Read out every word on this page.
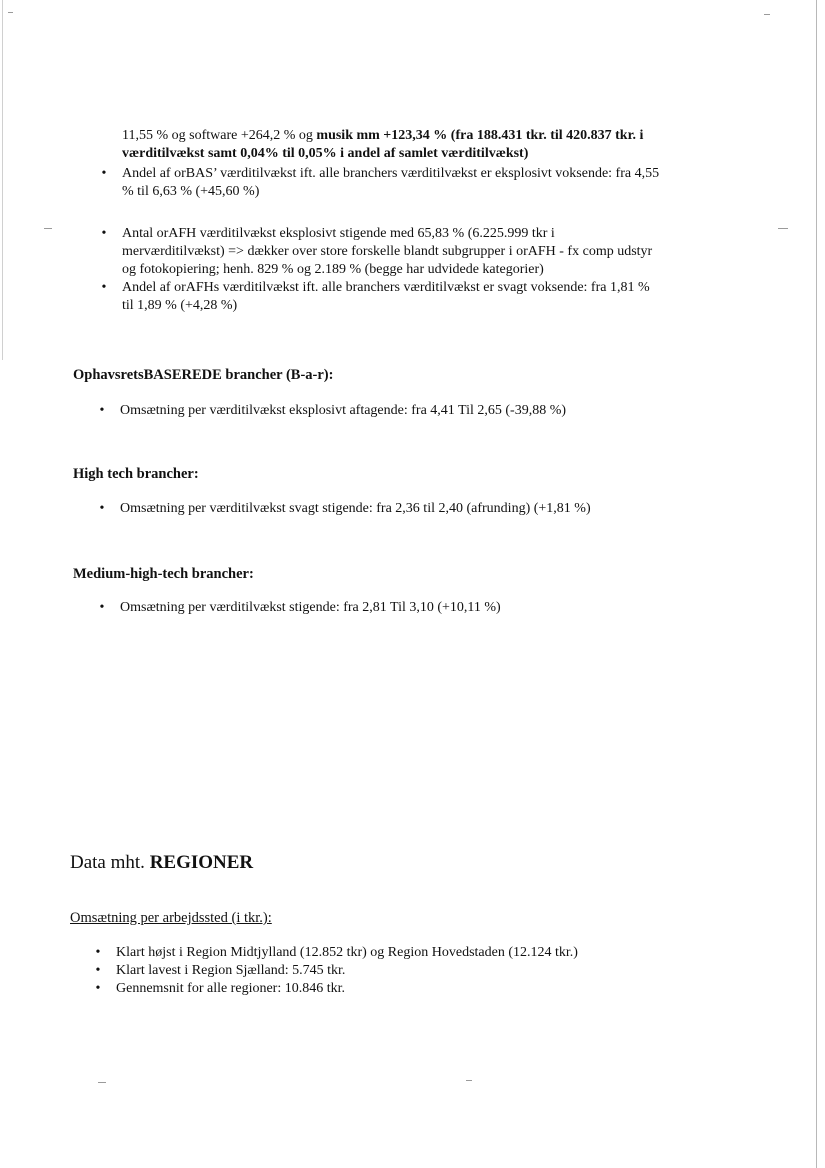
11,55 % og software +264,2 % og musik mm +123,34 % (fra 188.431 tkr. til 420.837 tkr. i
værditilvækst samt 0,04% til 0,05% i andel af samlet værditilvækst)
• Andel af orBAS’ værditilvækst ift. alle branchers værditilvækst er eksplosivt voksende: fra 4,55
% til 6,63 % (+45,60 %)
• Antal orAFH værditilvækst eksplosivt stigende med 65,83 % (6.225.999 tkr i
merværditilvækst) => dækker over store forskelle blandt subgrupper i orAFH - fx comp udstyr
og fotokopiering; henh. 829 % og 2.189 % (begge har udvidede kategorier)
• Andel af orAFHs værditilvækst ift. alle branchers værditilvækst er svagt voksende: fra 1,81 %
til 1,89 % (+4,28 %)
OphavsretsBASEREDE brancher (B-a-r):
• Omsætning per værditilvækst eksplosivt aftagende: fra 4,41 Til 2,65 (-39,88 %)
High tech brancher:
• Omsætning per værditilvækst svagt stigende: fra 2,36 til 2,40 (afrunding) (+1,81 %)
Medium-high-tech brancher:
• Omsætning per værditilvækst stigende: fra 2,81 Til 3,10 (+10,11 %)
Data mht. REGIONER
Omsætning per arbejdssted (i tkr.):
• Klart højst i Region Midtjylland (12.852 tkr) og Region Hovedstaden (12.124 tkr.)
• Klart lavest i Region Sjælland: 5.745 tkr.
• Gennemsnit for alle regioner: 10.846 tkr.
